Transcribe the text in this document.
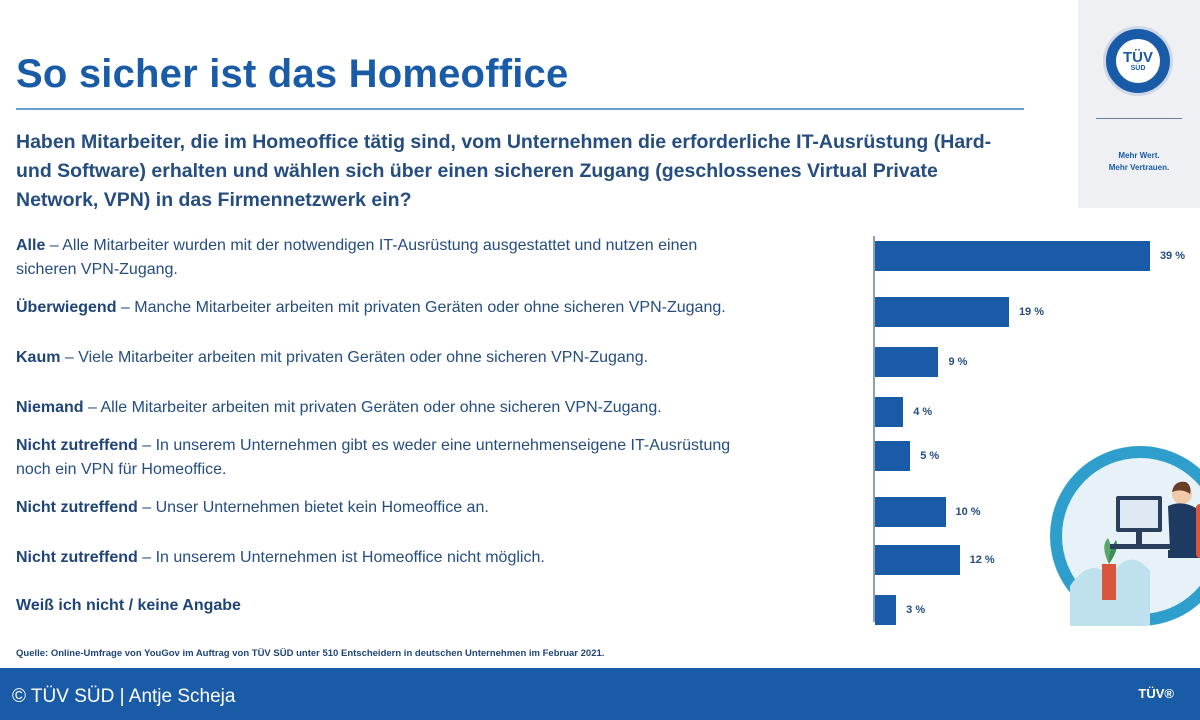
So sicher ist das Homeoffice
Haben Mitarbeiter, die im Homeoffice tätig sind, vom Unternehmen die erforderliche IT-Ausrüstung (Hard- und Software) erhalten und wählen sich über einen sicheren Zugang (geschlossenes Virtual Private Network, VPN) in das Firmennetzwerk ein?
TÜV
SÜD
Mehr Wert.
Mehr Vertrauen.
Alle – Alle Mitarbeiter wurden mit der notwendigen IT-Ausrüstung ausgestattet und nutzen einen sicheren VPN-Zugang.
Überwiegend – Manche Mitarbeiter arbeiten mit privaten Geräten oder ohne sicheren VPN-Zugang.
Kaum – Viele Mitarbeiter arbeiten mit privaten Geräten oder ohne sicheren VPN-Zugang.
Niemand – Alle Mitarbeiter arbeiten mit privaten Geräten oder ohne sicheren VPN-Zugang.
Nicht zutreffend – In unserem Unternehmen gibt es weder eine unternehmenseigene IT-Ausrüstung noch ein VPN für Homeoffice.
Nicht zutreffend – Unser Unternehmen bietet kein Homeoffice an.
Nicht zutreffend – In unserem Unternehmen ist Homeoffice nicht möglich.
Weiß ich nicht / keine Angabe
39 %
19 %
9 %
4 %
5 %
10 %
12 %
3 %
Quelle: Online-Umfrage von YouGov im Auftrag von TÜV SÜD unter 510 Entscheidern in deutschen Unternehmen im Februar 2021.
TÜV®
© TÜV SÜD | Antje Scheja
